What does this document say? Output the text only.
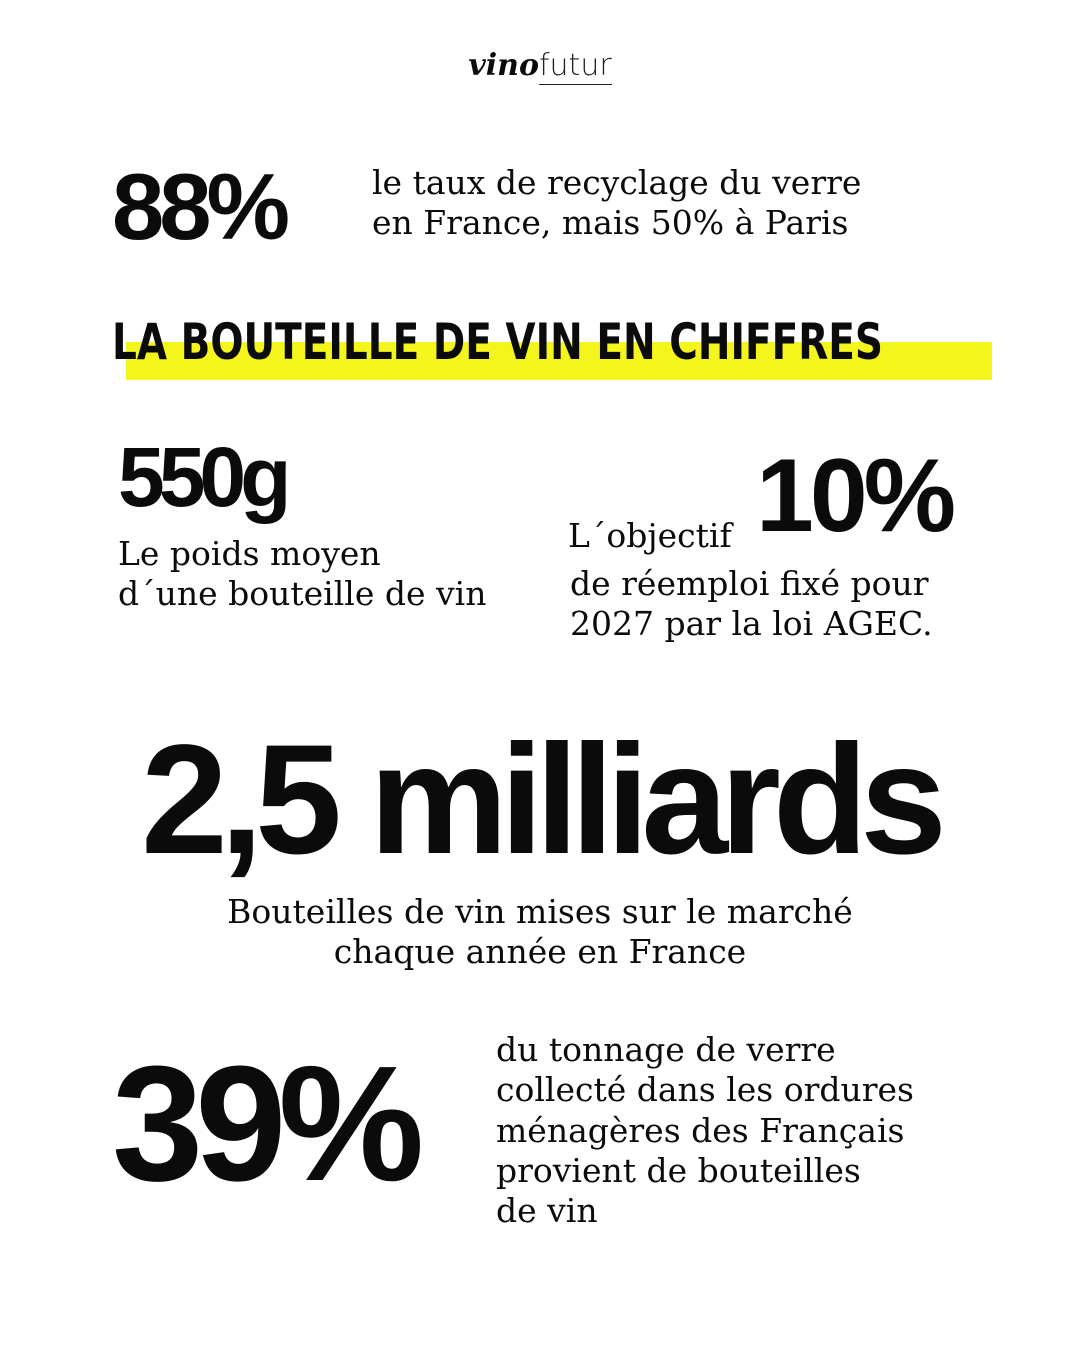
vinofutur
88%	le taux de recyclage du verre
en France, mais 50% à Paris
LA BOUTEILLE DE VIN EN CHIFFRES
550g
Le poids moyen
d´une bouteille de vin
L´objectif 10%
de réemploi fixé pour
2027 par la loi AGEC.
2,5 milliards
Bouteilles de vin mises sur le marché
chaque année en France
39% du tonnage de verre
collecté dans les ordures
ménagères des Français
provient de bouteilles
de vin
